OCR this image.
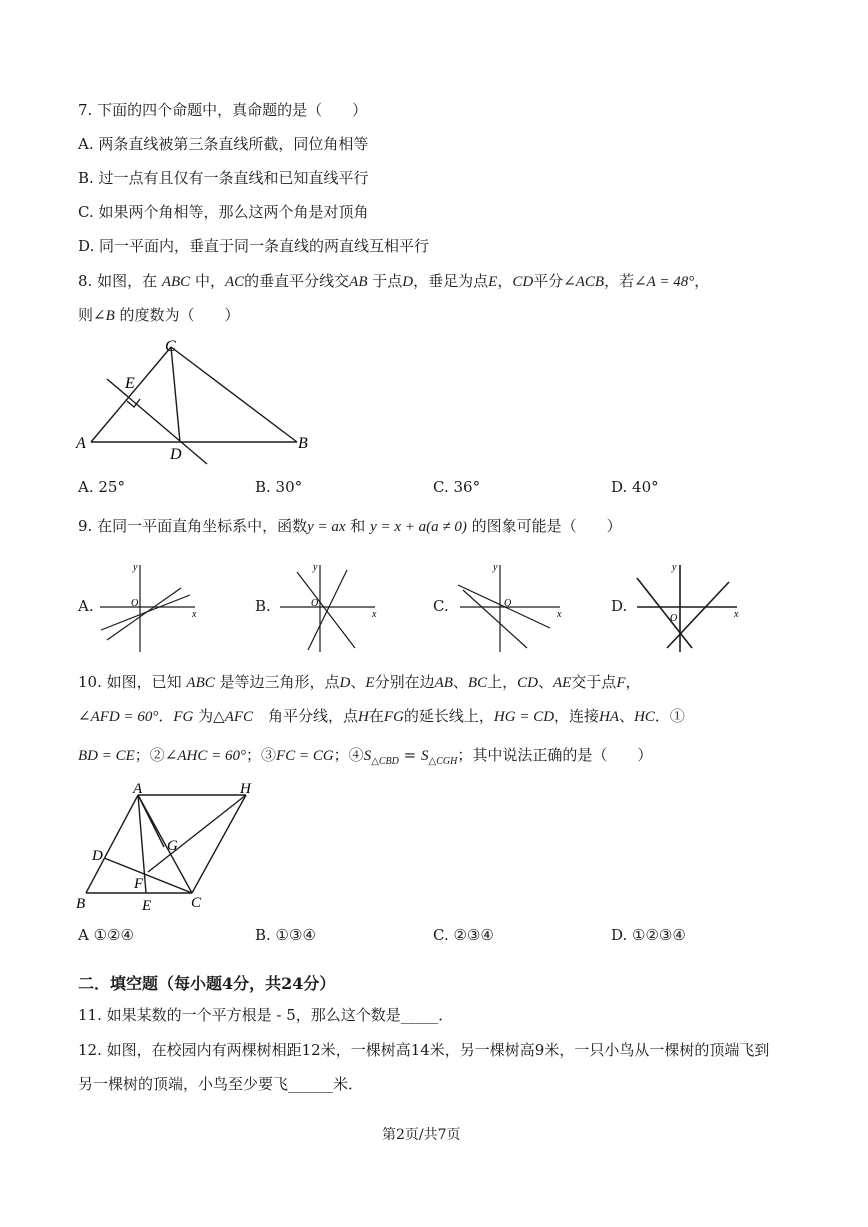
7. 下面的四个命题中，真命题的是（　　）
A. 两条直线被第三条直线所截，同位角相等
B. 过一点有且仅有一条直线和已知直线平行
C. 如果两个角相等，那么这两个角是对顶角
D. 同一平面内，垂直于同一条直线的两直线互相平行
8. 如图，在 ABC 中，AC的垂直平分线交AB 于点D，垂足为点E，CD平分∠ACB，若∠A = 48°，
则∠B 的度数为（　　）
C
E
A	B
D
A. 25°	B. 30°	C. 36°	D. 40°
9. 在同一平面直角坐标系中，函数y = ax 和 y = x + a(a ≠ 0) 的图象可能是（　　）
A.
y
O
x	B.
y
O
x	C.
y
O
x	D.
y
O	x
10. 如图，已知 ABC 是等边三角形，点D、E分别在边AB、BC上，CD、AE交于点F，
∠AFD = 60°．FG 为△AFC　角平分线，点H在FG的延长线上，HG = CD，连接HA、HC．①
BD = CE；②∠AHC = 60°；③FC = CG；$④S_{\triangle CBD} = S_{\triangle CGH}$；其中说法正确的是（　　）
A	H
D
G
F
B	E	C
A ①②④	B. ①③④	C. ②③④	D. ①②③④
二．填空题（每小题4分，共24分）
11. 如果某数的一个平方根是 - 5，那么这个数是_____．
12. 如图，在校园内有两棵树相距12米，一棵树高14米，另一棵树高9米，一只小鸟从一棵树的顶端飞到
另一棵树的顶端，小鸟至少要飞______米．
第2页/共7页
